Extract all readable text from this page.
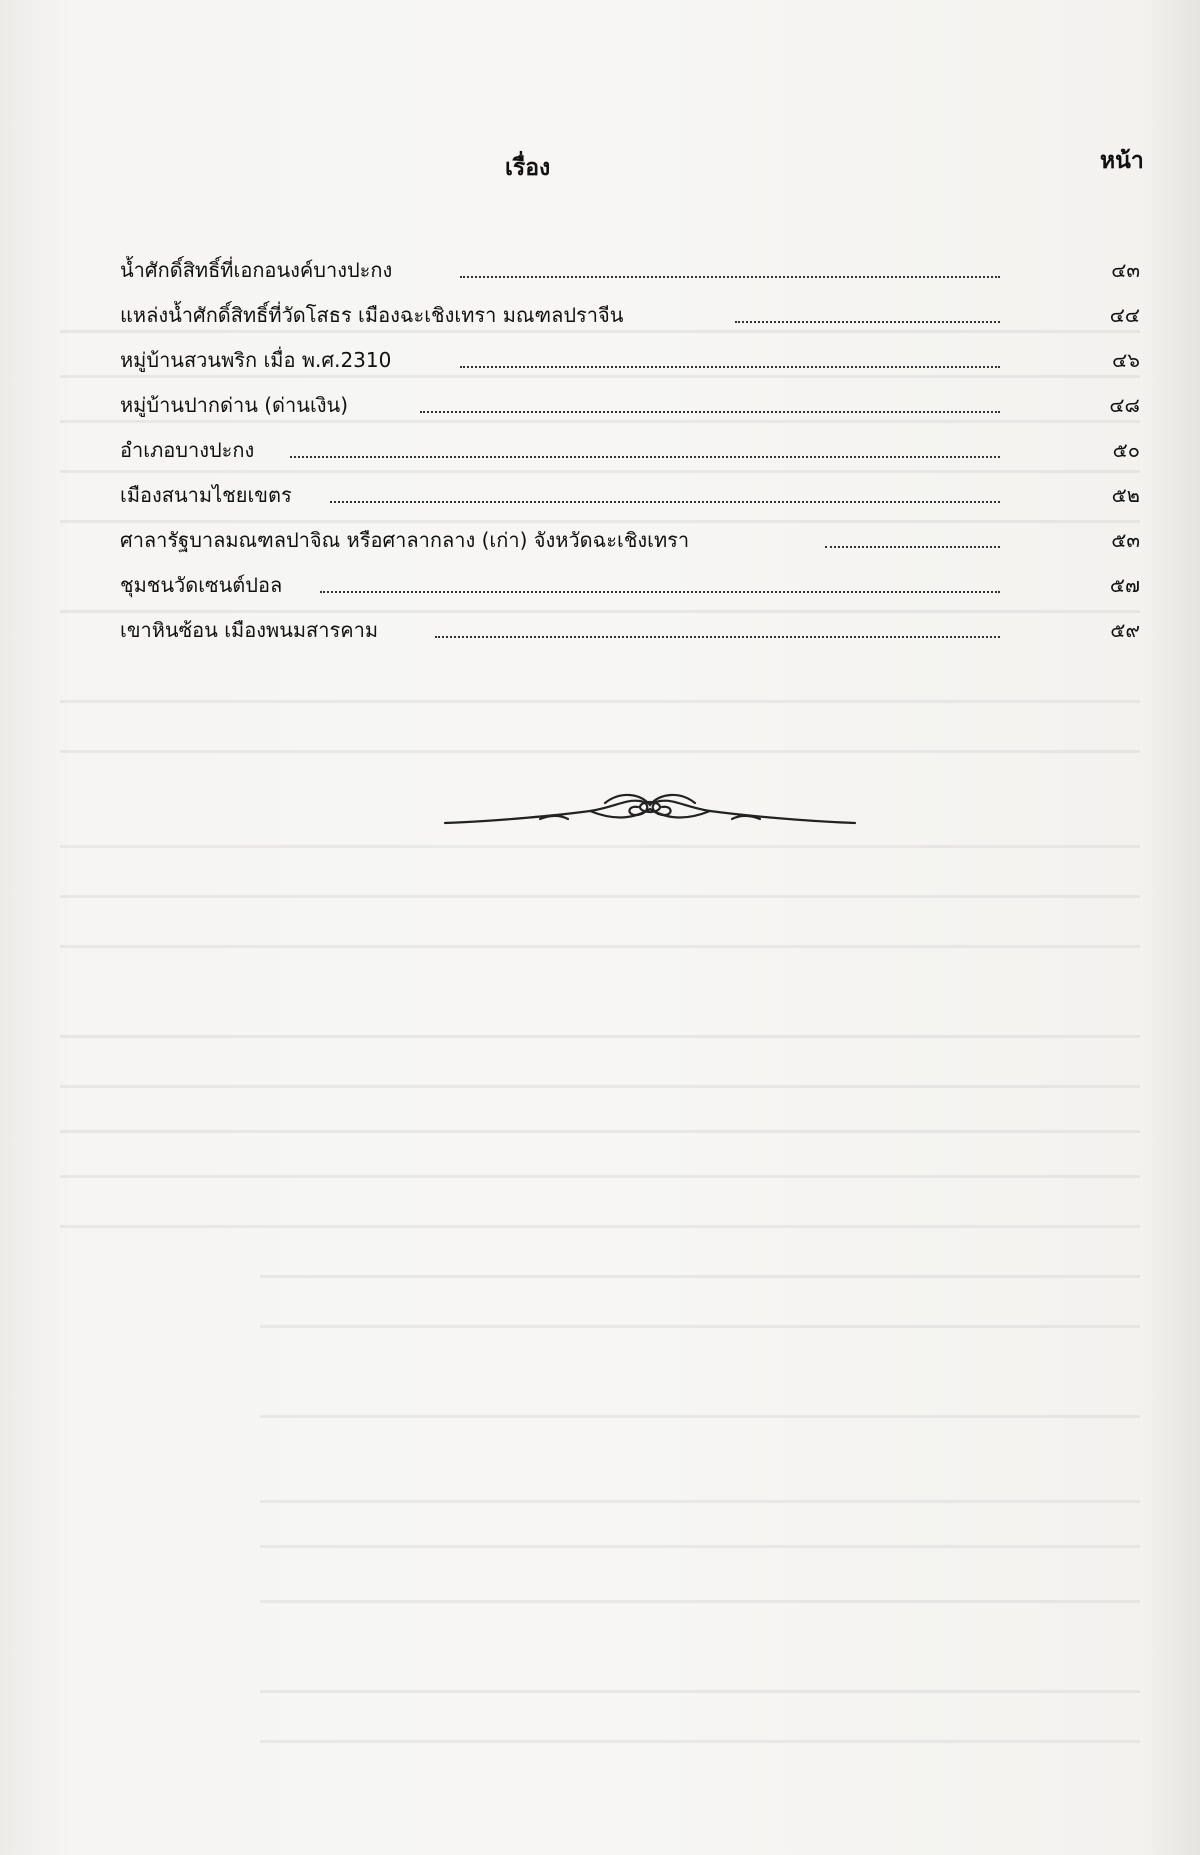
เรื่อง	หน้า
น้ำศักดิ์สิทธิ์ที่เอกอนงค์บางปะกง	๔๓
แหล่งน้ำศักดิ์สิทธิ์ที่วัดโสธร เมืองฉะเชิงเทรา มณฑลปราจีน	๔๔
หมู่บ้านสวนพริก เมื่อ พ.ศ.2310	๔๖
หมู่บ้านปากด่าน (ด่านเงิน)	๔๘
อำเภอบางปะกง	๕๐
เมืองสนามไชยเขตร	๕๒
ศาลารัฐบาลมณฑลปาจิณ หรือศาลากลาง (เก่า) จังหวัดฉะเชิงเทรา	๕๓
ชุมชนวัดเซนต์ปอล	๕๗
เขาหินซ้อน เมืองพนมสารคาม	๕๙
